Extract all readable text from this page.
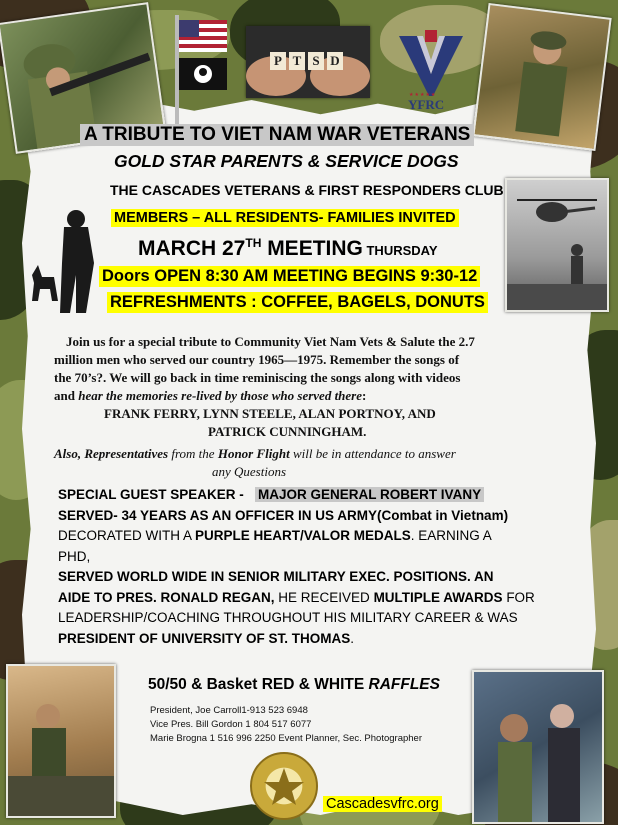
P T S D
★★★★★
YFRC
A TRIBUTE TO VIET NAM WAR VETERANS
GOLD STAR PARENTS & SERVICE DOGS
THE CASCADES VETERANS & FIRST RESPONDERS CLUB
MEMBERS – ALL RESIDENTS- FAMILIES INVITED
MARCH 27TH MEETING THURSDAY
Doors OPEN 8:30 AM MEETING BEGINS 9:30-12
REFRESHMENTS : COFFEE, BAGELS, DONUTS
Join us for a special tribute to Community Viet Nam Vets & Salute the 2.7
million men who served our country 1965—1975. Remember the songs of
the 70’s?. We will go back in time reminiscing the songs along with videos
and hear the memories re-lived by those who served there:
FRANK FERRY, LYNN STEELE, ALAN PORTNOY, AND
PATRICK CUNNINGHAM.
Also, Representatives from the Honor Flight will be in attendance to answer
any Questions
SPECIAL GUEST SPEAKER -   MAJOR GENERAL ROBERT IVANY
SERVED- 34 YEARS AS AN OFFICER IN US ARMY(Combat in Vietnam)
DECORATED WITH A PURPLE HEART/VALOR MEDALS. EARNING A
PHD,
SERVED WORLD WIDE IN SENIOR MILITARY EXEC. POSITIONS. AN
AIDE TO PRES. RONALD REGAN, HE RECEIVED MULTIPLE AWARDS FOR
LEADERSHIP/COACHING THROUGHOUT HIS MILITARY CAREER & WAS
PRESIDENT OF UNIVERSITY OF ST. THOMAS.
50/50 & Basket RED & WHITE RAFFLES
President, Joe Carroll1-913 523 6948
Vice Pres. Bill Gordon 1 804 517 6077
Marie Brogna 1 516 996 2250 Event Planner, Sec. Photographer
Cascadesvfrc.org
